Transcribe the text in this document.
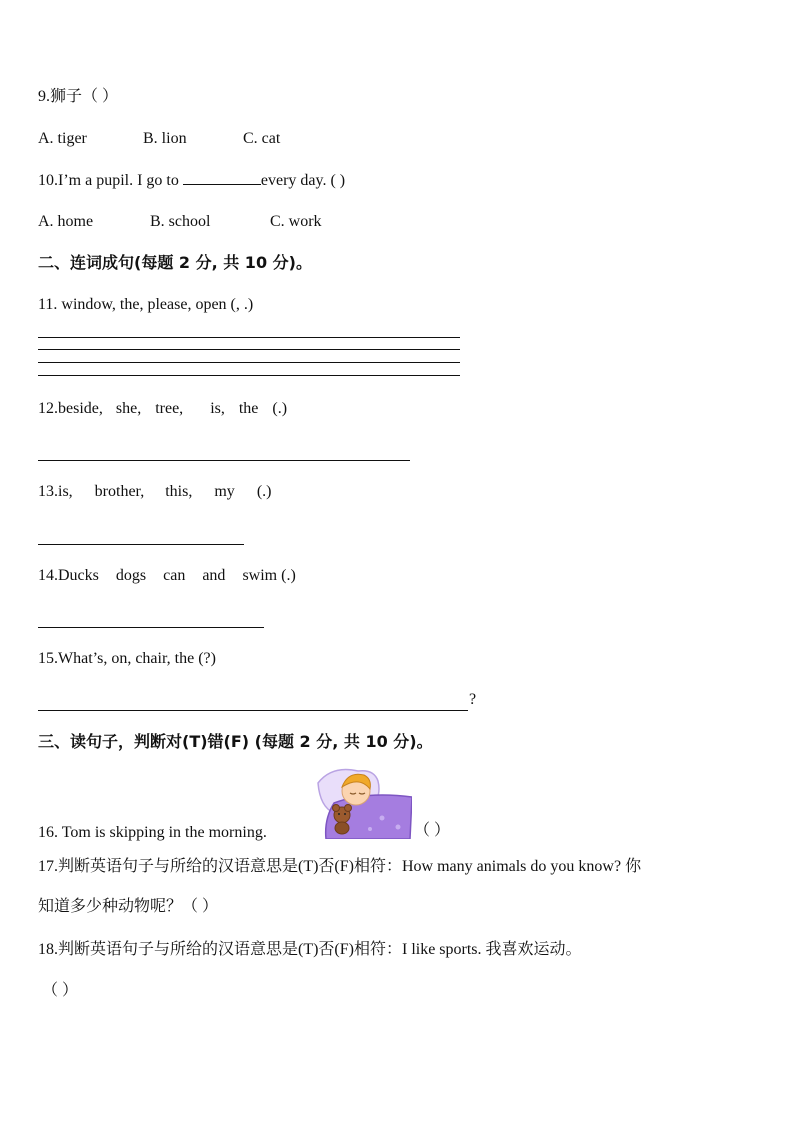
9.狮子（ ）
A. tiger	B. lion	C. cat
10.I’m a pupil. I go to	every day. ( )
A. home	B. school	C. work
二、连词成句(每题 2 分, 共 10 分)。
11. window, the, please, open (, .)
12.beside, she, tree, is, the (.)
13.is, brother, this, my (.)
14.Ducks dogs can and swim (.)
15.What’s, on, chair, the (?)
?
三、读句子，判断对(T)错(F) (每题 2 分, 共 10 分)。
16. Tom is skipping in the morning.	（ ）
17.判断英语句子与所给的汉语意思是(T)否(F)相符：How many animals do you know? 你
知道多少种动物呢？（ ）
18.判断英语句子与所给的汉语意思是(T)否(F)相符：I like sports. 我喜欢运动。
（ ）
